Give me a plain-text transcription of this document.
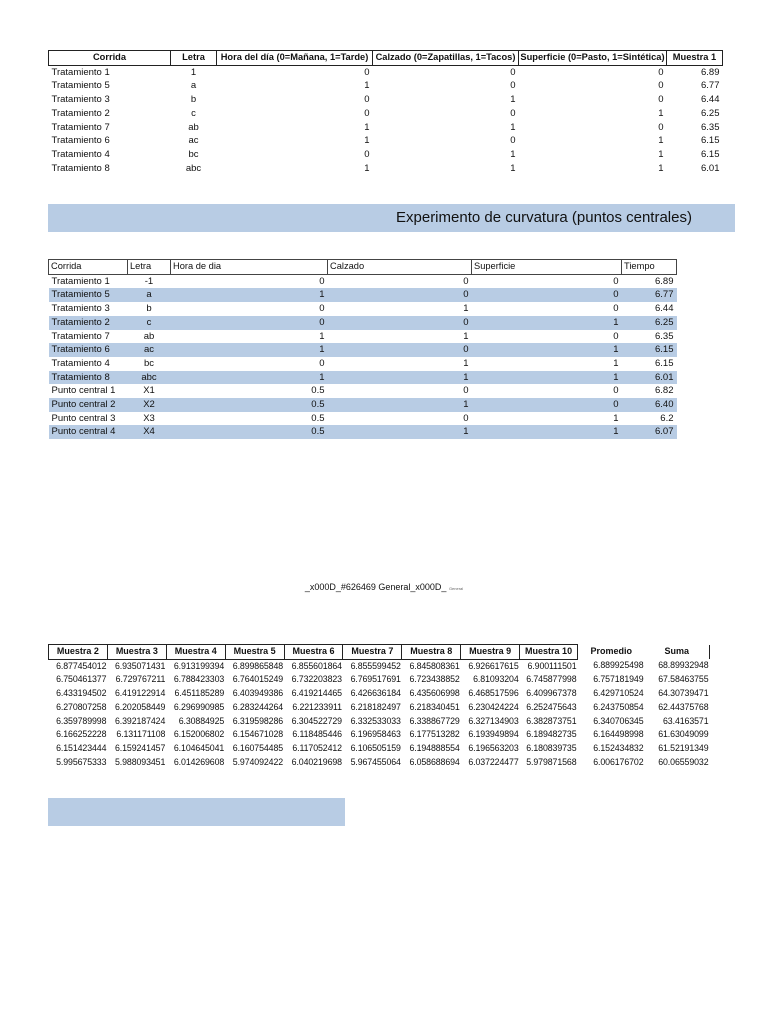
Corrida	Letra	Hora del día (0=Mañana, 1=Tarde)	Calzado (0=Zapatillas, 1=Tacos)	Superficie (0=Pasto, 1=Sintética)	Muestra 1
Tratamiento 1	1	0	0	0	6.89
Tratamiento 5	a	1	0	0	6.77
Tratamiento 3	b	0	1	0	6.44
Tratamiento 2	c	0	0	1	6.25
Tratamiento 7	ab	1	1	0	6.35
Tratamiento 6	ac	1	0	1	6.15
Tratamiento 4	bc	0	1	1	6.15
Tratamiento 8	abc	1	1	1	6.01
Experimento de curvatura (puntos centrales)
Corrida	Letra	Hora de dia	Calzado	Superficie	Tiempo
Tratamiento 1	-1	0	0	0	6.89
Tratamiento 5	a	1	0	0	6.77
Tratamiento 3	b	0	1	0	6.44
Tratamiento 2	c	0	0	1	6.25
Tratamiento 7	ab	1	1	0	6.35
Tratamiento 6	ac	1	0	1	6.15
Tratamiento 4	bc	0	1	1	6.15
Tratamiento 8	abc	1	1	1	6.01
Punto central 1	X1	0.5	0	0	6.82
Punto central 2	X2	0.5	1	0	6.40
Punto central 3	X3	0.5	0	1	6.2
Punto central 4	X4	0.5	1	1	6.07
_x000D_#626469 General_x000D_ General
Muestra 2	Muestra 3	Muestra 4	Muestra 5	Muestra 6	Muestra 7	Muestra 8	Muestra 9	Muestra 10	Promedio	Suma
6.877454012	6.935071431	6.913199394	6.899865848	6.855601864	6.855599452	6.845808361	6.926617615	6.900111501	6.889925498	68.89932948
6.750461377	6.729767211	6.788423303	6.764015249	6.732203823	6.769517691	6.723438852	6.81093204	6.745877998	6.757181949	67.58463755
6.433194502	6.419122914	6.451185289	6.403949386	6.419214465	6.426636184	6.435606998	6.468517596	6.409967378	6.429710524	64.30739471
6.270807258	6.202058449	6.296990985	6.283244264	6.221233911	6.218182497	6.218340451	6.230424224	6.252475643	6.243750854	62.44375768
6.359789998	6.392187424	6.30884925	6.319598286	6.304522729	6.332533033	6.338867729	6.327134903	6.382873751	6.340706345	63.4163571
6.166252228	6.131171108	6.152006802	6.154671028	6.118485446	6.196958463	6.177513282	6.193949894	6.189482735	6.164498998	61.63049099
6.151423444	6.159241457	6.104645041	6.160754485	6.117052412	6.106505159	6.194888554	6.196563203	6.180839735	6.152434832	61.52191349
5.995675333	5.988093451	6.014269608	5.974092422	6.040219698	5.967455064	6.058688694	6.037224477	5.979871568	6.006176702	60.06559032
